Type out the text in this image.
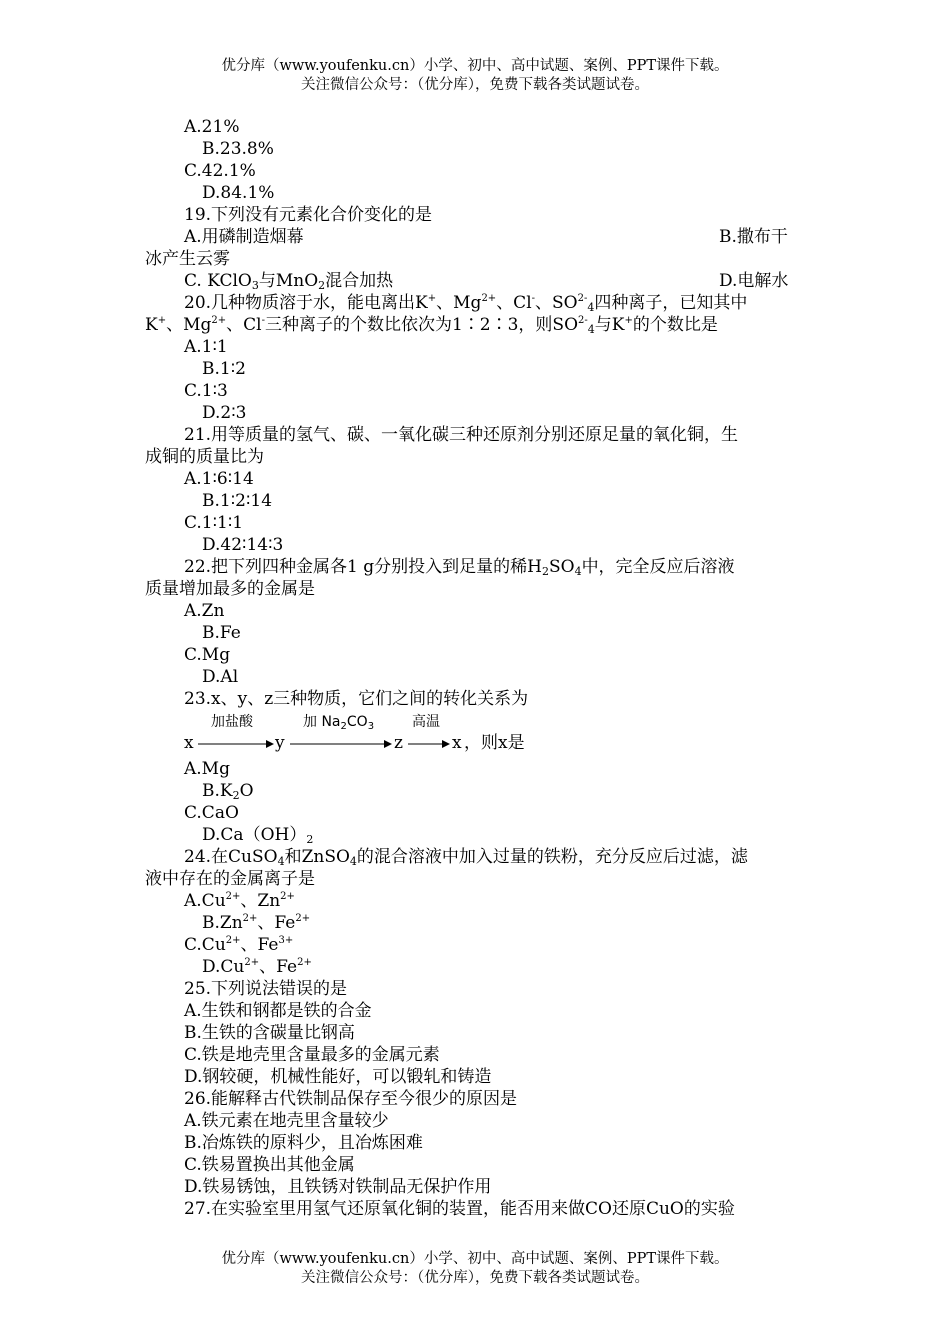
优分库（www.youfenku.cn）小学、初中、高中试题、案例、PPT课件下载。
关注微信公众号：（优分库），免费下载各类试题试卷。
A.21%
B.23.8%
C.42.1%
D.84.1%
19.下列没有元素化合价变化的是
A.用磷制造烟幕	B.撒布干
冰产生云雾
C. KClO$_3$与MnO$_2$混合加热	D.电解水
20.几种物质溶于水，能电离出K+、$Mg^{2+}$、Cl-、$SO^{2-}_4$四种离子，已知其中
K+、$Mg^{2+}$、Cl-三种离子的个数比依次为1∶2∶3，则$SO^{2-}_4$与K+的个数比是
A.1∶1
B.1∶2
C.1∶3
D.2∶3
21.用等质量的氢气、碳、一氧化碳三种还原剂分别还原足量的氧化铜，生
成铜的质量比为
A.1∶6∶14
B.1∶2∶14
C.1∶1∶1
D.42∶14∶3
22.把下列四种金属各1 g分别投入到足量的稀$H_2SO_4$中，完全反应后溶液
质量增加最多的金属是
A.Zn
B.Fe
C.Mg
D.Al
23.x、y、z三种物质，它们之间的转化关系为
x
加盐酸
y
加 $Na_2CO_3$
z
高温
x ，则x是
A.Mg
$B.K_2O$
C.CaO
$D.Ca(OH)_2$
24.在CuSO$_4$和ZnSO$_4$的混合溶液中加入过量的铁粉，充分反应后过滤，滤
液中存在的金属离子是
$A.Cu^{2+}$、$Zn^{2+}$
$B.Zn^{2+}$、$Fe^{2+}$
$C.Cu^{2+}$、$Fe^{3+}$
$D.Cu^{2+}$、$Fe^{2+}$
25.下列说法错误的是
A.生铁和钢都是铁的合金
B.生铁的含碳量比钢高
C.铁是地壳里含量最多的金属元素
D.钢较硬，机械性能好，可以锻轧和铸造
26.能解释古代铁制品保存至今很少的原因是
A.铁元素在地壳里含量较少
B.冶炼铁的原料少，且冶炼困难
C.铁易置换出其他金属
D.铁易锈蚀，且铁锈对铁制品无保护作用
27.在实验室里用氢气还原氧化铜的装置，能否用来做CO还原CuO的实验
优分库（www.youfenku.cn）小学、初中、高中试题、案例、PPT课件下载。
关注微信公众号：（优分库），免费下载各类试题试卷。
